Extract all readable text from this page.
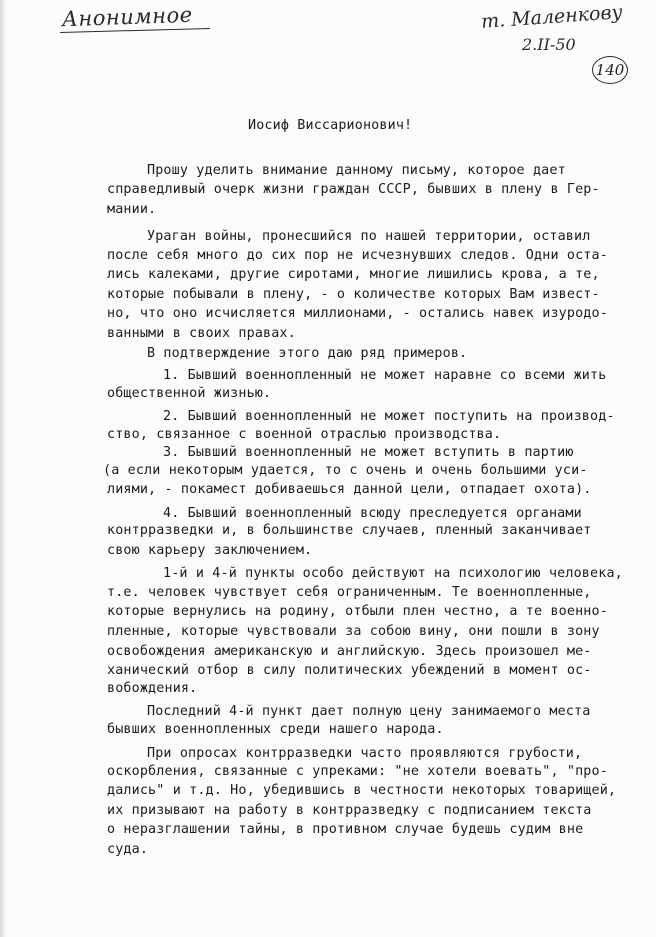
Анонимное	т. Маленкову
2.II-50
140
Иосиф Виссарионович!
Прошу уделить внимание данному письму, которое дает
справедливый очерк жизни граждан СССР, бывших в плену в Гер-
мании.
Ураган войны, пронесшийся по нашей территории, оставил
после себя много до сих пор не исчезнувших следов. Одни оста-
лись калеками, другие сиротами, многие лишились крова, а те,
которые побывали в плену, - о количестве которых Вам извест-
но, что оно исчисляется миллионами, - остались навек изуродо-
ванными в своих правах.
В подтверждение этого даю ряд примеров.
1. Бывший военнопленный не может наравне со всеми жить
общественной жизнью.
2. Бывший военнопленный не может поступить на производ-
ство, связанное с военной отраслью производства.
3. Бывший военнопленный не может вступить в партию
(а если некоторым удается, то с очень и очень большими уси-
лиями, - покамест добиваешься данной цели, отпадает охота).
4. Бывший военнопленный всюду преследуется органами
контрразведки и, в большинстве случаев, пленный заканчивает
свою карьеру заключением.
1-й и 4-й пункты особо действуют на психологию человека,
т.е. человек чувствует себя ограниченным. Те военнопленные,
которые вернулись на родину, отбыли плен честно, а те военно-
пленные, которые чувствовали за собою вину, они пошли в зону
освобождения американскую и английскую. Здесь произошел ме-
ханический отбор в силу политических убеждений в момент ос-
вобождения.
Последний 4-й пункт дает полную цену занимаемого места
бывших военнопленных среди нашего народа.
При опросах контрразведки часто проявляются грубости,
оскорбления, связанные с упреками: "не хотели воевать", "про-
дались" и т.д. Но, убедившись в честности некоторых товарищей,
их призывают на работу в контрразведку с подписанием текста
о неразглашении тайны, в противном случае будешь судим вне
суда.
